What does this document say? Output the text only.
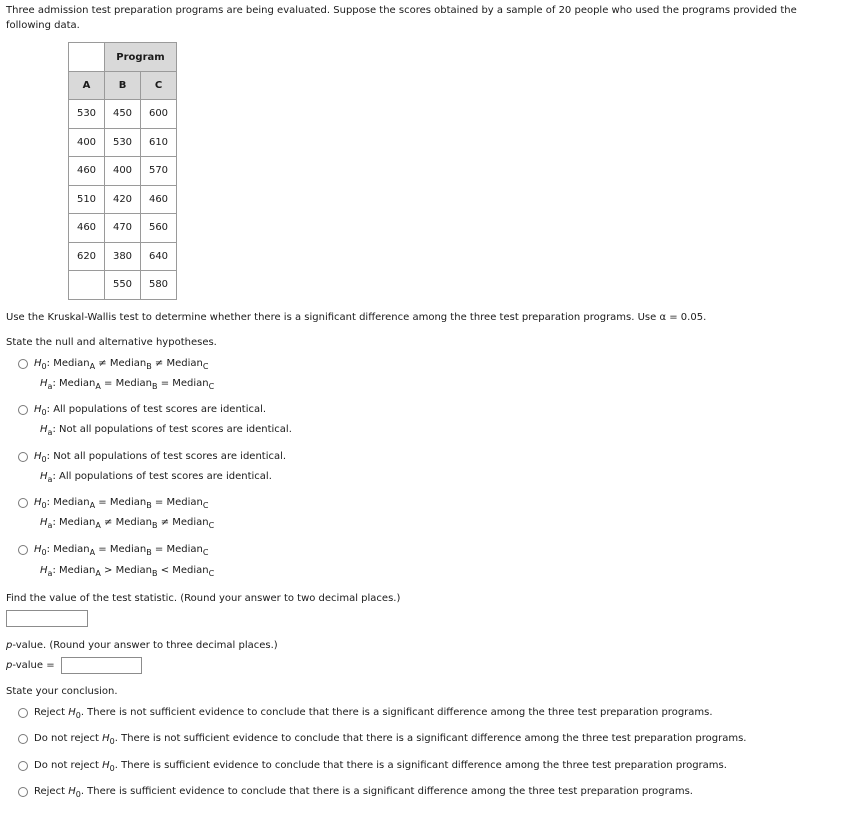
Three admission test preparation programs are being evaluated. Suppose the scores obtained by a sample of 20 people who used the programs provided the following data.

	Program	
A	B	C
530	450	600
400	530	610
460	400	570
510	420	460
460	470	560
620	380	640
	550	580
Use the Kruskal-Wallis test to determine whether there is a significant difference among the three test preparation programs. Use α = 0.05.
State the null and alternative hypotheses.
$H_0$: Median$_A$ ≠ Median$_B$ ≠ Median$_C$
$H_a$: Median$_A$ = Median$_B$ = Median$_C$
$H_0$: All populations of test scores are identical.
$H_a$: Not all populations of test scores are identical.
$H_0$: Not all populations of test scores are identical.
$H_a$: All populations of test scores are identical.
$H_0$: Median$_A$ = Median$_B$ = Median$_C$
$H_a$: Median$_A$ ≠ Median$_B$ ≠ Median$_C$
$H_0$: Median$_A$ = Median$_B$ = Median$_C$
$H_a$: Median$_A$ > Median$_B$ < Median$_C$
Find the value of the test statistic. (Round your answer to two decimal places.)
p-value. (Round your answer to three decimal places.)
p-value =
State your conclusion.
Reject $H_0$. There is not sufficient evidence to conclude that there is a significant difference among the three test preparation programs.
Do not reject $H_0$. There is not sufficient evidence to conclude that there is a significant difference among the three test preparation programs.
Do not reject $H_0$. There is sufficient evidence to conclude that there is a significant difference among the three test preparation programs.
Reject $H_0$. There is sufficient evidence to conclude that there is a significant difference among the three test preparation programs.
